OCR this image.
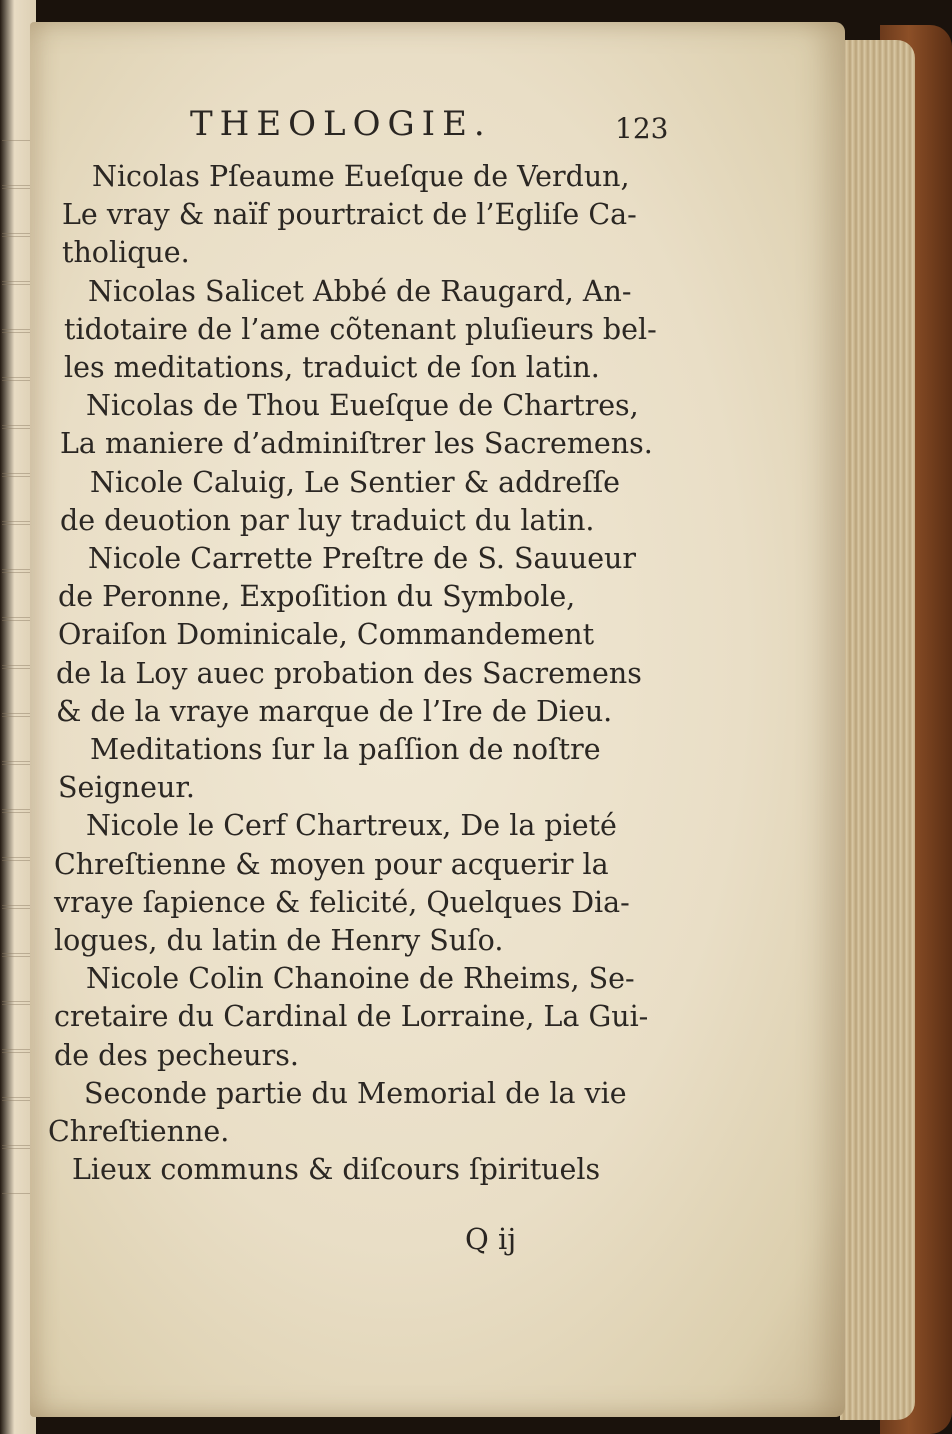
THEOLOGIE.	123
Nicolas Pſeaume Eueſque de Verdun,
Le vray & naïf pourtraict de l’Egliſe Ca-
tholique.
Nicolas Salicet Abbé de Raugard, An-
tidotaire de l’ame cõtenant pluſieurs bel-
les meditations, traduict de ſon latin.
Nicolas de Thou Eueſque de Chartres,
La maniere d’adminiſtrer les Sacremens.
Nicole Caluig, Le Sentier & addreſſe
de deuotion par luy traduict du latin.
Nicole Carrette Preſtre de S. Sauueur
de Peronne, Expoſition du Symbole,
Oraiſon Dominicale, Commandement
de la Loy auec probation des Sacremens
& de la vraye marque de l’Ire de Dieu.
Meditations ſur la paſſion de noſtre
Seigneur.
Nicole le Cerf Chartreux, De la pieté
Chreſtienne & moyen pour acquerir la
vraye ſapience & felicité, Quelques Dia-
logues, du latin de Henry Suſo.
Nicole Colin Chanoine de Rheims, Se-
cretaire du Cardinal de Lorraine, La Gui-
de des pecheurs.
Seconde partie du Memorial de la vie
Chreſtienne.
Lieux communs & diſcours ſpirituels
Q ij
